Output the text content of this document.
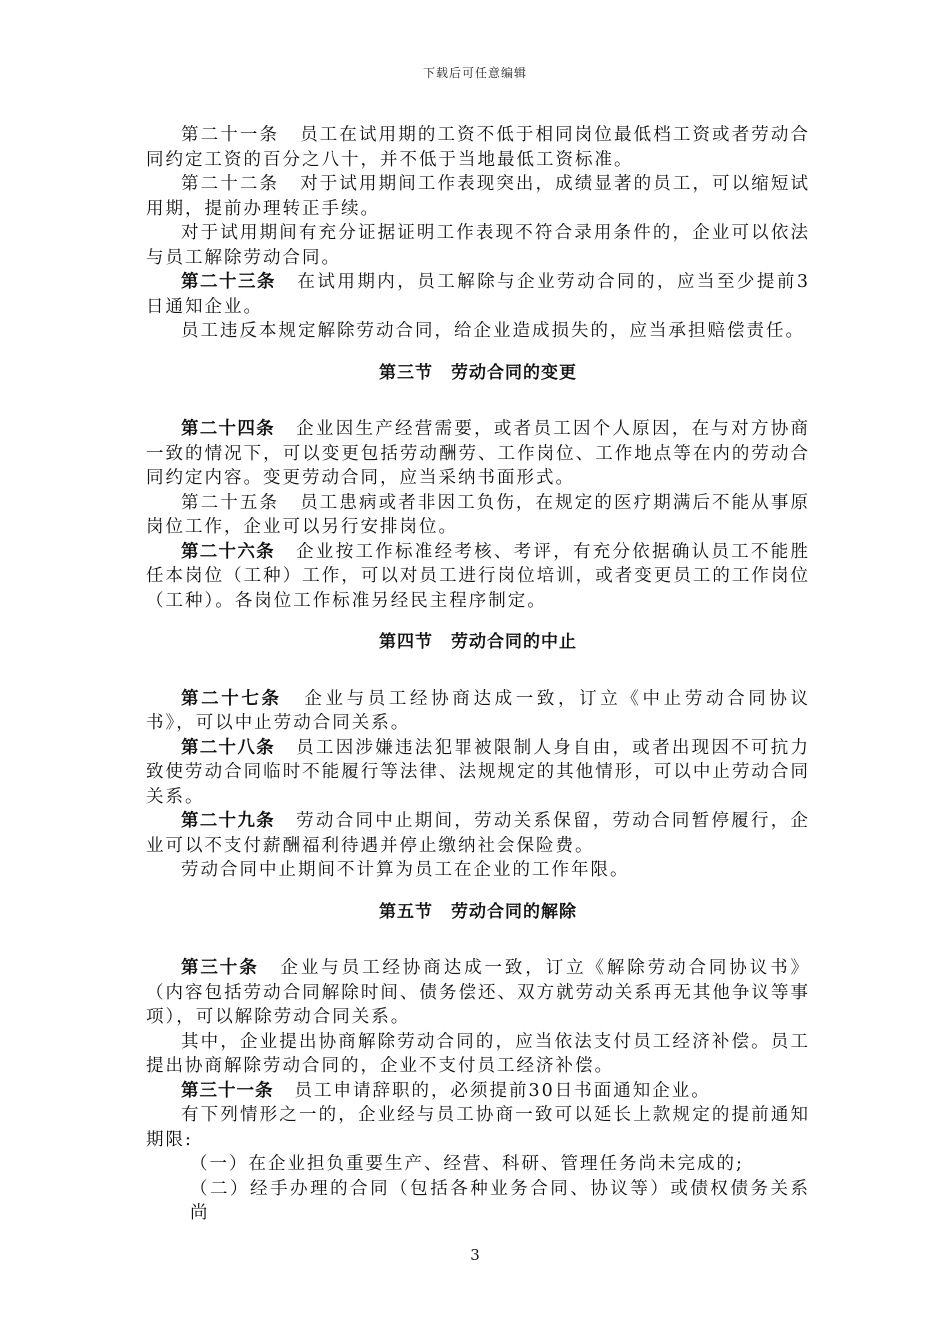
下载后可任意编辑

第二十一条 员工在试用期的工资不低于相同岗位最低档工资或者劳动合同约定工资的百分之八十，并不低于当地最低工资标准。

第二十二条 对于试用期间工作表现突出，成绩显著的员工，可以缩短试用期，提前办理转正手续。

对于试用期间有充分证据证明工作表现不符合录用条件的，企业可以依法与员工解除劳动合同。

第二十三条 在试用期内，员工解除与企业劳动合同的，应当至少提前3日通知企业。

员工违反本规定解除劳动合同，给企业造成损失的，应当承担赔偿责任。

第三节　劳动合同的变更

第二十四条 企业因生产经营需要，或者员工因个人原因，在与对方协商一致的情况下，可以变更包括劳动酬劳、工作岗位、工作地点等在内的劳动合同约定内容。变更劳动合同，应当采纳书面形式。

第二十五条 员工患病或者非因工负伤，在规定的医疗期满后不能从事原岗位工作，企业可以另行安排岗位。

第二十六条 企业按工作标准经考核、考评，有充分依据确认员工不能胜任本岗位（工种）工作，可以对员工进行岗位培训，或者变更员工的工作岗位（工种）。各岗位工作标准另经民主程序制定。

第四节　劳动合同的中止

第二十七条 企业与员工经协商达成一致，订立《中止劳动合同协议书》，可以中止劳动合同关系。

第二十八条 员工因涉嫌违法犯罪被限制人身自由，或者出现因不可抗力致使劳动合同临时不能履行等法律、法规规定的其他情形，可以中止劳动合同关系。

第二十九条 劳动合同中止期间，劳动关系保留，劳动合同暂停履行，企业可以不支付薪酬福利待遇并停止缴纳社会保险费。

劳动合同中止期间不计算为员工在企业的工作年限。

第五节　劳动合同的解除

第三十条 企业与员工经协商达成一致，订立《解除劳动合同协议书》（内容包括劳动合同解除时间、债务偿还、双方就劳动关系再无其他争议等事项），可以解除劳动合同关系。

其中，企业提出协商解除劳动合同的，应当依法支付员工经济补偿。员工提出协商解除劳动合同的，企业不支付员工经济补偿。

第三十一条 员工申请辞职的，必须提前30日书面通知企业。

有下列情形之一的，企业经与员工协商一致可以延长上款规定的提前通知期限:

（一）在企业担负重要生产、经营、科研、管理任务尚未完成的;

（二）经手办理的合同（包括各种业务合同、协议等）或债权债务关系尚

3
